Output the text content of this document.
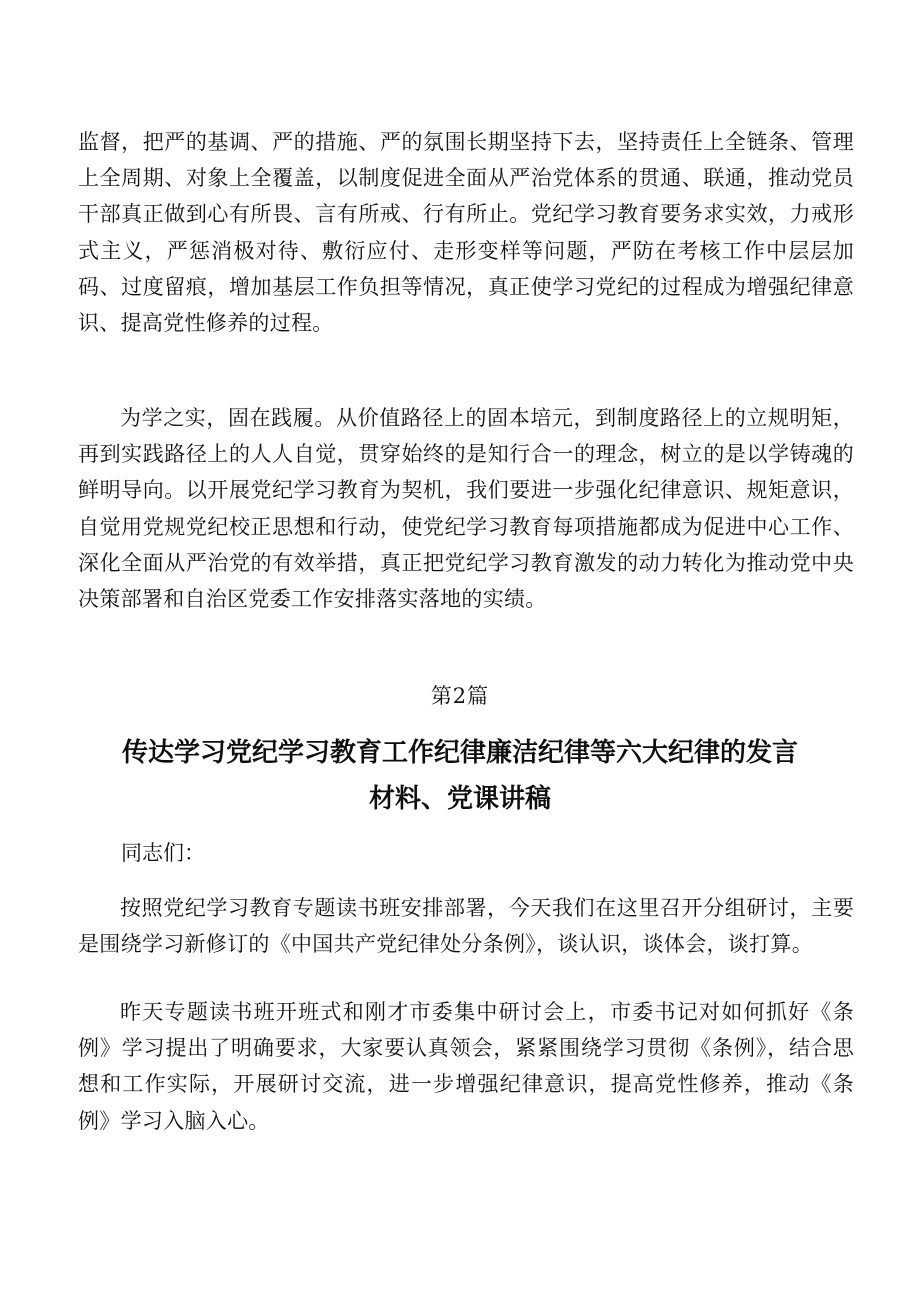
监督，把严的基调、严的措施、严的氛围长期坚持下去，坚持责任上全链条、管理上全周期、对象上全覆盖，以制度促进全面从严治党体系的贯通、联通，推动党员干部真正做到心有所畏、言有所戒、行有所止。党纪学习教育要务求实效，力戒形式主义，严惩消极对待、敷衍应付、走形变样等问题，严防在考核工作中层层加码、过度留痕，增加基层工作负担等情况，真正使学习党纪的过程成为增强纪律意识、提高党性修养的过程。

为学之实，固在践履。从价值路径上的固本培元，到制度路径上的立规明矩，再到实践路径上的人人自觉，贯穿始终的是知行合一的理念，树立的是以学铸魂的鲜明导向。以开展党纪学习教育为契机，我们要进一步强化纪律意识、规矩意识，自觉用党规党纪校正思想和行动，使党纪学习教育每项措施都成为促进中心工作、深化全面从严治党的有效举措，真正把党纪学习教育激发的动力转化为推动党中央决策部署和自治区党委工作安排落实落地的实绩。

第2篇

传达学习党纪学习教育工作纪律廉洁纪律等六大纪律的发言材料、党课讲稿

同志们：

按照党纪学习教育专题读书班安排部署，今天我们在这里召开分组研讨，主要是围绕学习新修订的《中国共产党纪律处分条例》，谈认识，谈体会，谈打算。

昨天专题读书班开班式和刚才市委集中研讨会上，市委书记对如何抓好《条例》学习提出了明确要求，大家要认真领会，紧紧围绕学习贯彻《条例》，结合思想和工作实际，开展研讨交流，进一步增强纪律意识，提高党性修养，推动《条例》学习入脑入心。
